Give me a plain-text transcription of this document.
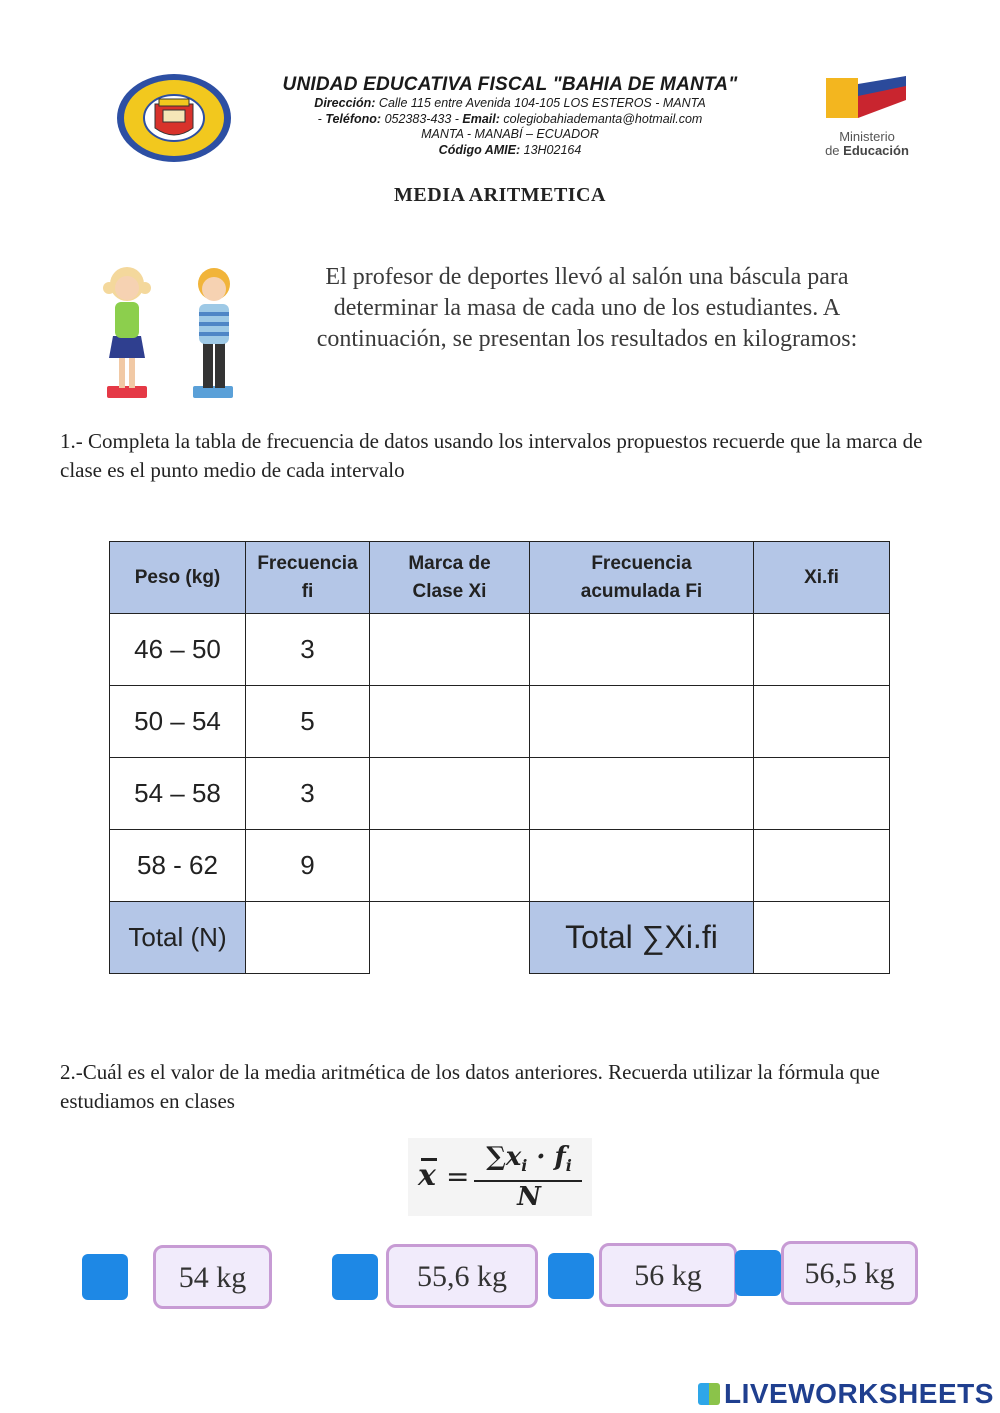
UNIDAD EDUCATIVA FISCAL "BAHIA DE MANTA"
Dirección: Calle 115 entre Avenida 104-105 LOS ESTEROS - MANTA
- Teléfono: 052383-433 - Email: colegiobahiademanta@hotmail.com
MANTA - MANABÍ – ECUADOR
Código AMIE: 13H02164
Ministerio
de Educación
MEDIA ARITMETICA
El profesor de deportes llevó al salón una báscula para determinar la masa de cada uno de los estudiantes. A continuación, se presentan los resultados en kilogramos:
1.- Completa la tabla de frecuencia de datos usando los intervalos propuestos recuerde que la marca de clase es el punto medio de cada intervalo
Peso (kg)	Frecuencia fi	Marca de Clase Xi	Frecuencia acumulada Fi	Xi.fi
46 – 50	3			
50 – 54	5			
54 – 58	3			
58 - 62	9			
Total (N)			Total ∑Xi.fi	
2.-Cuál es el valor de la media aritmética de los datos anteriores. Recuerda utilizar la fórmula que estudiamos en clases
x =
$\sum x_i \cdot f_i$
N
54 kg	55,6 kg	56 kg	56,5 kg
LIVEWORKSHEETS
